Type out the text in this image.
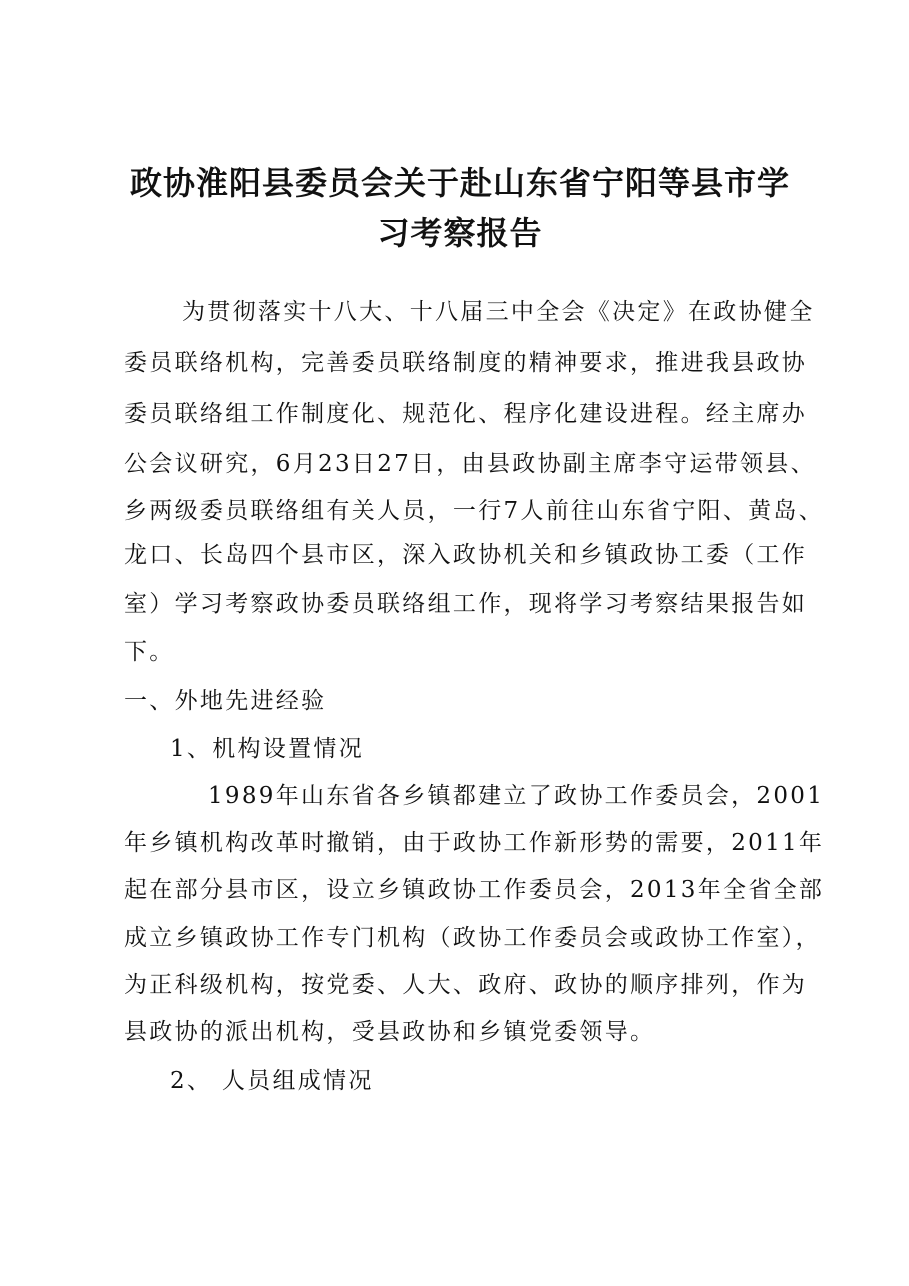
政协淮阳县委员会关于赴山东省宁阳等县市学
习考察报告
为贯彻落实十八大、十八届三中全会《决定》在政协健全
委员联络机构，完善委员联络制度的精神要求，推进我县政协
委员联络组工作制度化、规范化、程序化建设进程。经主席办
公会议研究，6月23日27日，由县政协副主席李守运带领县、
乡两级委员联络组有关人员，一行7人前往山东省宁阳、黄岛、
龙口、长岛四个县市区，深入政协机关和乡镇政协工委（工作
室）学习考察政协委员联络组工作，现将学习考察结果报告如
下。
一、外地先进经验
1、机构设置情况
1989年山东省各乡镇都建立了政协工作委员会，2001
年乡镇机构改革时撤销，由于政协工作新形势的需要，2011年
起在部分县市区，设立乡镇政协工作委员会，2013年全省全部
成立乡镇政协工作专门机构（政协工作委员会或政协工作室），
为正科级机构，按党委、人大、政府、政协的顺序排列，作为
县政协的派出机构，受县政协和乡镇党委领导。
2、 人员组成情况
